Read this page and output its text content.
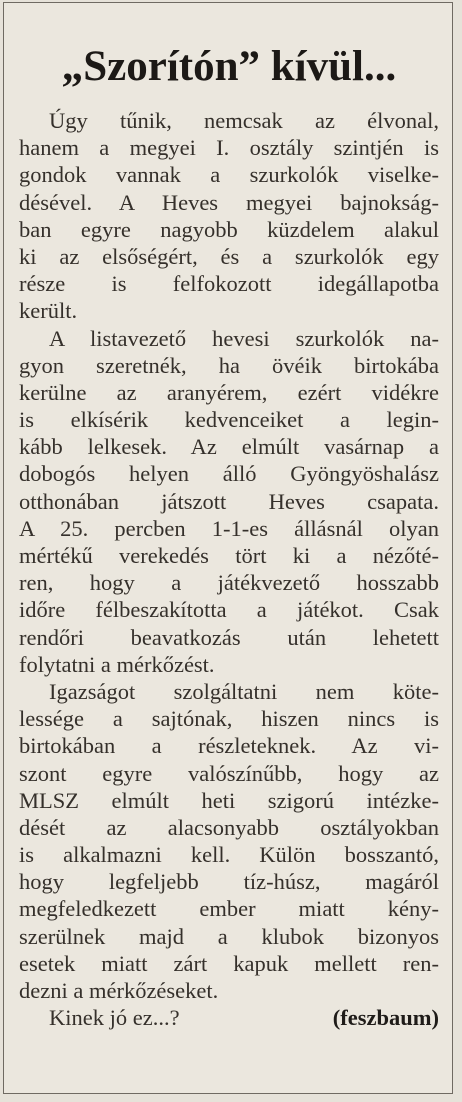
„Szorítón” kívül...
Úgy tűnik, nemcsak az élvonal,
hanem a megyei I. osztály szintjén is
gondok vannak a szurkolók viselke-
désével. A Heves megyei bajnokság-
ban egyre nagyobb küzdelem alakul
ki az elsőségért, és a szurkolók egy
része is felfokozott idegállapotba
került.
A listavezető hevesi szurkolók na-
gyon szeretnék, ha övéik birtokába
kerülne az aranyérem, ezért vidékre
is elkísérik kedvenceiket a legin-
kább lelkesek. Az elmúlt vasárnap a
dobogós helyen álló Gyöngyöshalász
otthonában játszott Heves csapata.
A 25. percben 1-1-es állásnál olyan
mértékű verekedés tört ki a nézőté-
ren, hogy a játékvezető hosszabb
időre félbeszakította a játékot. Csak
rendőri beavatkozás után lehetett
folytatni a mérkőzést.
Igazságot szolgáltatni nem köte-
lessége a sajtónak, hiszen nincs is
birtokában a részleteknek. Az vi-
szont egyre valószínűbb, hogy az
MLSZ elmúlt heti szigorú intézke-
dését az alacsonyabb osztályokban
is alkalmazni kell. Külön bosszantó,
hogy legfeljebb tíz-húsz, magáról
megfeledkezett ember miatt kény-
szerülnek majd a klubok bizonyos
esetek miatt zárt kapuk mellett ren-
dezni a mérkőzéseket.
Kinek jó ez...?	(feszbaum)
